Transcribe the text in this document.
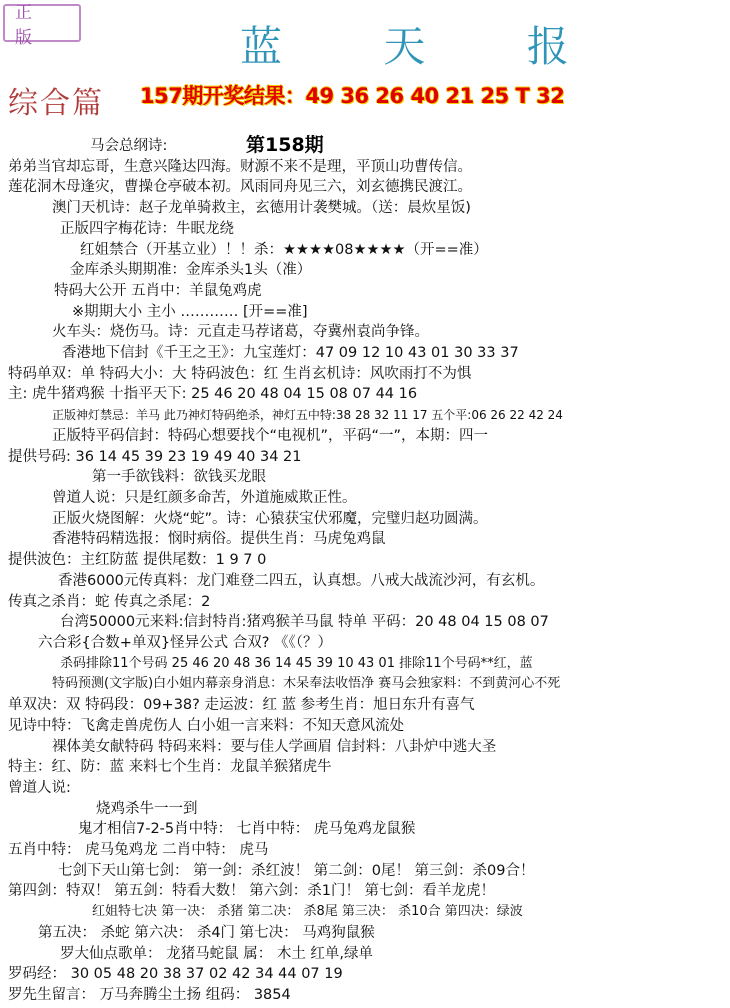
正 版	蓝 天 报
综合篇 157期开奖结果：49 36 26 40 21 25 T 32
第158期
马会总纲诗:
弟弟当官却忘哥，生意兴隆达四海。财源不来不是理，平顶山功曹传信。
莲花洞木母逢灾，曹操仓亭破本初。风雨同舟见三六，刘玄德携民渡江。
澳门天机诗：赵子龙单骑救主，玄德用计袭樊城。（送：晨炊星饭)
正版四字梅花诗：牛眠龙绕
红姐禁合（开基立业）！！杀：★★★★08★★★★（开==准）
金库杀头期期准：金库杀头1头（准）
特码大公开 五肖中：羊鼠兔鸡虎
※期期大小 主小 ………… [开==准]
火车头：烧伤马。诗：元直走马荐诸葛，夺冀州袁尚争锋。
香港地下信封《千王之王》：九宝莲灯：47 09 12 10 43 01 30 33 37
特码单双：单 特码大小：大 特码波色：红 生肖玄机诗：风吹雨打不为惧
主: 虎牛猪鸡猴 十指平天下: 25 46 20 48 04 15 08 07 44 16
正版神灯禁忌：羊马 此乃神灯特码绝杀，神灯五中特:38 28 32 11 17 五个平:06 26 22 42 24
正版特平码信封：特码心想要找个“电视机”，平码“一”，本期：四一
提供号码: 36 14 45 39 23 19 49 40 34 21
第一手欲钱料：欲钱买龙眼
曾道人说：只是红颜多命苦，外道施威欺正性。
正版火烧图解：火烧“蛇”。诗：心猿获宝伏邪魔，完璧归赵功圆满。
香港特码精选报：悯时病俗。提供生肖：马虎兔鸡鼠
提供波色：主红防蓝 提供尾数：1 9 7 0
香港6000元传真料：龙门难登二四五，认真想。八戒大战流沙河，有玄机。
传真之杀肖：蛇 传真之杀尾：2
台湾50000元来料:信封特肖:猪鸡猴羊马鼠 特单 平码：20 48 04 15 08 07
六合彩{合数+单双}怪异公式 合双? 《《（？）
杀码排除11个号码 25 46 20 48 36 14 45 39 10 43 01 排除11个号码**红，蓝
特码预测(文字版)白小姐内幕亲身消息：木呆奉法收悟净 赛马会独家料：不到黄河心不死
单双决：双 特码段：09+38? 走运波：红 蓝 参考生肖：旭日东升有喜气
见诗中特：飞禽走兽虎伤人 白小姐一言来料：不知天意风流处
裸体美女献特码 特码来料：要与佳人学画眉 信封料：八卦炉中逃大圣
特主：红、防：蓝 来料七个生肖：龙鼠羊猴猪虎牛
曾道人说:
烧鸡杀牛一一到
鬼才相信7-2-5肖中特： 七肖中特： 虎马兔鸡龙鼠猴
五肖中特： 虎马兔鸡龙 二肖中特： 虎马
七剑下天山第七剑： 第一剑：杀红波！ 第二剑：0尾！ 第三剑：杀09合！
第四剑：特双！ 第五剑：特看大数！ 第六剑：杀1门！ 第七剑：看羊龙虎！
红姐特七决 第一决： 杀猪 第二决： 杀8尾 第三决： 杀10合 第四决：绿波
第五决： 杀蛇 第六决： 杀4门 第七决： 马鸡狗鼠猴
罗大仙点歌单： 龙猪马蛇鼠 属： 木土 红单,绿单
罗码经： 30 05 48 20 38 37 02 42 34 44 07 19
罗先生留言： 万马奔腾尘土扬 组码： 3854
